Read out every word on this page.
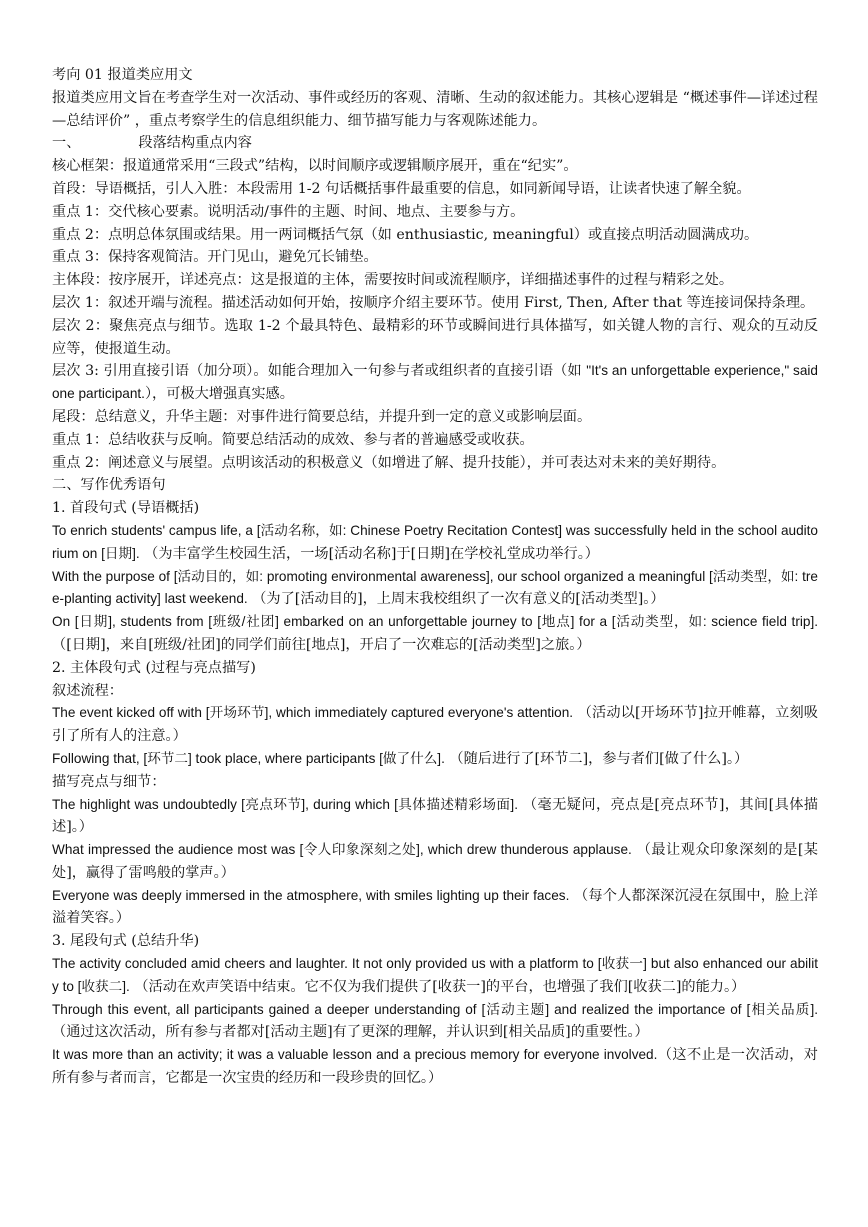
考向 01 报道类应用文

报道类应用文旨在考查学生对一次活动、事件或经历的客观、清晰、生动的叙述能力。其核心逻辑是 “概述事件—详述过程—总结评价” ，重点考察学生的信息组织能力、细节描写能力与客观陈述能力。

一、	段落结构重点内容

核心框架：报道通常采用“三段式”结构，以时间顺序或逻辑顺序展开，重在“纪实”。

首段：导语概括，引人入胜：本段需用 1-2 句话概括事件最重要的信息，如同新闻导语，让读者快速了解全貌。

重点 1：交代核心要素。说明活动/事件的主题、时间、地点、主要参与方。

重点 2：点明总体氛围或结果。用一两词概括气氛（如 enthusiastic, meaningful）或直接点明活动圆满成功。

重点 3：保持客观简洁。开门见山，避免冗长铺垫。

主体段：按序展开，详述亮点：这是报道的主体，需要按时间或流程顺序，详细描述事件的过程与精彩之处。

层次 1：叙述开端与流程。描述活动如何开始，按顺序介绍主要环节。使用 First, Then, After that 等连接词保持条理。

层次 2：聚焦亮点与细节。选取 1-2 个最具特色、最精彩的环节或瞬间进行具体描写，如关键人物的言行、观众的互动反应等，使报道生动。

层次 3: 引用直接引语（加分项）。如能合理加入一句参与者或组织者的直接引语（如 "It's an unforgettable experience," said one participant.），可极大增强真实感。

尾段：总结意义，升华主题：对事件进行简要总结，并提升到一定的意义或影响层面。

重点 1：总结收获与反响。简要总结活动的成效、参与者的普遍感受或收获。

重点 2：阐述意义与展望。点明该活动的积极意义（如增进了解、提升技能），并可表达对未来的美好期待。

二、写作优秀语句

1. 首段句式 (导语概括)

To enrich students' campus life, a [活动名称，如: Chinese Poetry Recitation Contest] was successfully held in the school auditorium on [日期]. （为丰富学生校园生活，一场[活动名称]于[日期]在学校礼堂成功举行。）

With the purpose of [活动目的，如: promoting environmental awareness], our school organized a meaningful [活动类型，如: tree-planting activity] last weekend. （为了[活动目的]，上周末我校组织了一次有意义的[活动类型]。）

On [日期], students from [班级/社团] embarked on an unforgettable journey to [地点] for a [活动类型，如: science field trip]. （[日期]，来自[班级/社团]的同学们前往[地点]，开启了一次难忘的[活动类型]之旅。）

2. 主体段句式 (过程与亮点描写)

叙述流程：

The event kicked off with [开场环节], which immediately captured everyone's attention. （活动以[开场环节]拉开帷幕，立刻吸引了所有人的注意。）

Following that, [环节二] took place, where participants [做了什么]. （随后进行了[环节二]，参与者们[做了什么]。）

描写亮点与细节：

The highlight was undoubtedly [亮点环节], during which [具体描述精彩场面]. （毫无疑问，亮点是[亮点环节]，其间[具体描述]。）

What impressed the audience most was [令人印象深刻之处], which drew thunderous applause. （最让观众印象深刻的是[某处]，赢得了雷鸣般的掌声。）

Everyone was deeply immersed in the atmosphere, with smiles lighting up their faces. （每个人都深深沉浸在氛围中，脸上洋溢着笑容。）

3. 尾段句式 (总结升华)

The activity concluded amid cheers and laughter. It not only provided us with a platform to [收获一] but also enhanced our ability to [收获二]. （活动在欢声笑语中结束。它不仅为我们提供了[收获一]的平台，也增强了我们[收获二]的能力。）

Through this event, all participants gained a deeper understanding of [活动主题] and realized the importance of [相关品质]. （通过这次活动，所有参与者都对[活动主题]有了更深的理解，并认识到[相关品质]的重要性。）

It was more than an activity; it was a valuable lesson and a precious memory for everyone involved.（这不止是一次活动，对所有参与者而言，它都是一次宝贵的经历和一段珍贵的回忆。）
